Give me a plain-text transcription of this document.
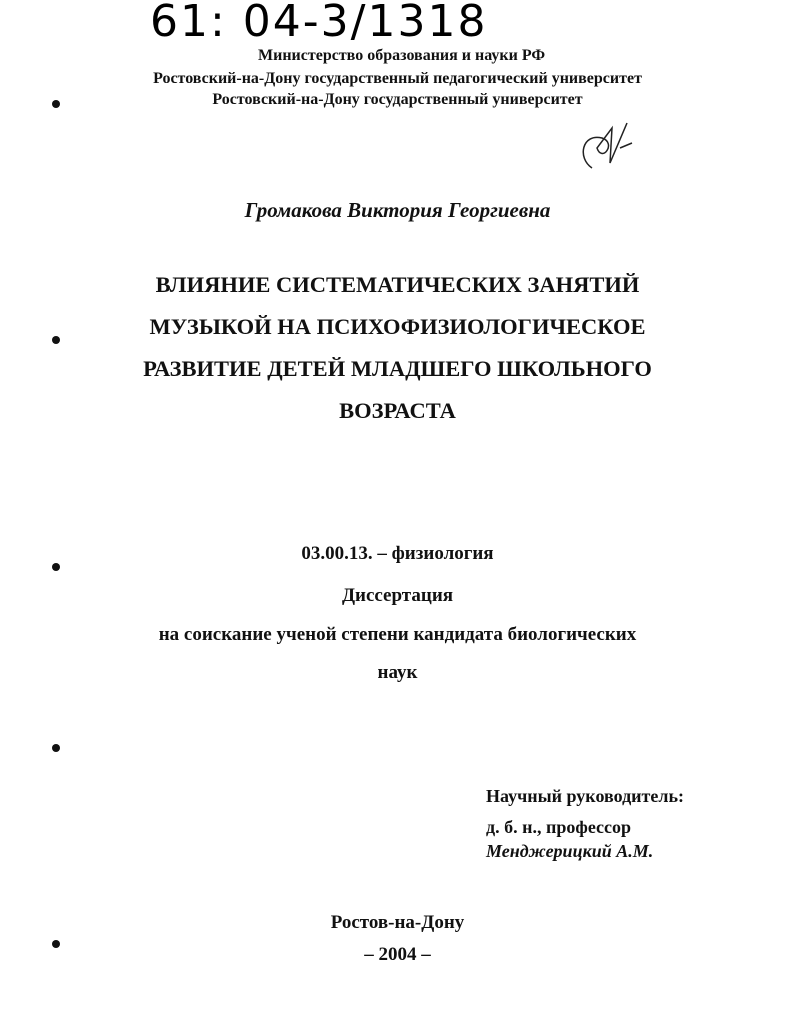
61: 04-3/1318
Министерство образования и науки РФ
Ростовский-на-Дону государственный педагогический университет
Ростовский-на-Дону государственный университет
Громакова Виктория Георгиевна
ВЛИЯНИЕ СИСТЕМАТИЧЕСКИХ ЗАНЯТИЙ
МУЗЫКОЙ НА ПСИХОФИЗИОЛОГИЧЕСКОЕ
РАЗВИТИЕ ДЕТЕЙ МЛАДШЕГО ШКОЛЬНОГО
ВОЗРАСТА
03.00.13. – физиология
Диссертация
на соискание ученой степени кандидата биологических
наук
Научный руководитель:
д. б. н., профессор
Менджерицкий А.М.
Ростов-на-Дону
– 2004 –
